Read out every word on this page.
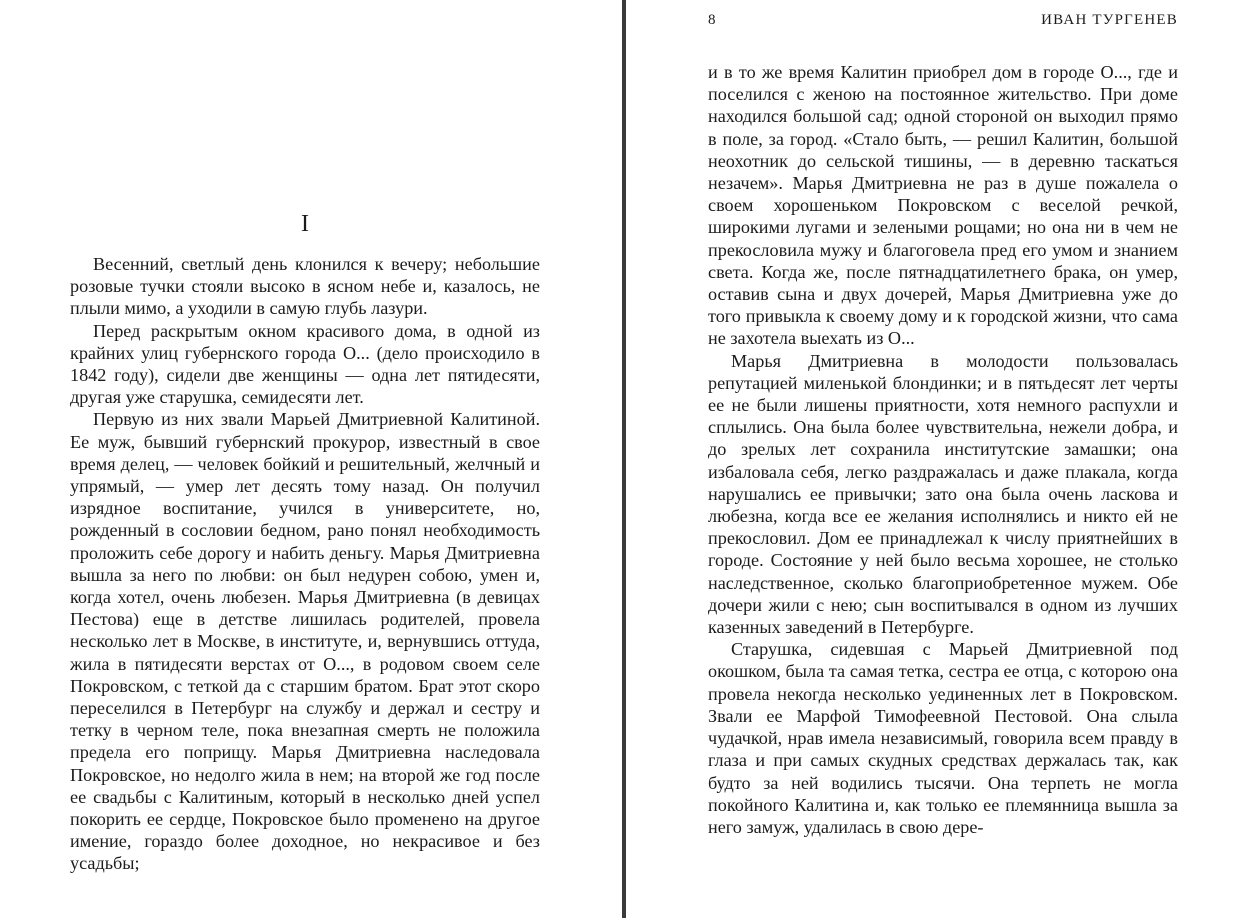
I

Весенний, светлый день клонился к вечеру; небольшие розовые тучки стояли высоко в ясном небе и, казалось, не плыли мимо, а уходили в самую глубь лазури.

Перед раскрытым окном красивого дома, в одной из крайних улиц губернского города О... (дело происходило в 1842 году), сидели две женщины — одна лет пятидесяти, другая уже старушка, семидесяти лет.

Первую из них звали Марьей Дмитриевной Калитиной. Ее муж, бывший губернский прокурор, известный в свое время делец, — человек бойкий и решительный, желчный и упрямый, — умер лет десять тому назад. Он получил изрядное воспитание, учился в университете, но, рожденный в сословии бедном, рано понял необходимость проложить себе дорогу и набить деньгу. Марья Дмитриевна вышла за него по любви: он был недурен собою, умен и, когда хотел, очень любезен. Марья Дмитриевна (в девицах Пестова) еще в детстве лишилась родителей, провела несколько лет в Москве, в институте, и, вернувшись оттуда, жила в пятидесяти верстах от О..., в родовом своем селе Покровском, с теткой да с старшим братом. Брат этот скоро переселился в Петербург на службу и держал и сестру и тетку в черном теле, пока внезапная смерть не положила предела его поприщу. Марья Дмитриевна наследовала Покровское, но недолго жила в нем; на второй же год после ее свадьбы с Калитиным, который в несколько дней успел покорить ее сердце, Покровское было променено на другое имение, гораздо более доходное, но некрасивое и без усадьбы;

8	ИВАН ТУРГЕНЕВ

и в то же время Калитин приобрел дом в городе О..., где и поселился с женою на постоянное жительство. При доме находился большой сад; одной стороной он выходил прямо в поле, за город. «Стало быть, — решил Калитин, большой неохотник до сельской тишины, — в деревню таскаться незачем». Марья Дмитриевна не раз в душе пожалела о своем хорошеньком Покровском с веселой речкой, широкими лугами и зелеными рощами; но она ни в чем не прекословила мужу и благоговела пред его умом и знанием света. Когда же, после пятнадцатилетнего брака, он умер, оставив сына и двух дочерей, Марья Дмитриевна уже до того привыкла к своему дому и к городской жизни, что сама не захотела выехать из О...

Марья Дмитриевна в молодости пользовалась репутацией миленькой блондинки; и в пятьдесят лет черты ее не были лишены приятности, хотя немного распухли и сплылись. Она была более чувствительна, нежели добра, и до зрелых лет сохранила институтские замашки; она избаловала себя, легко раздражалась и даже плакала, когда нарушались ее привычки; зато она была очень ласкова и любезна, когда все ее желания исполнялись и никто ей не прекословил. Дом ее принадлежал к числу приятнейших в городе. Состояние у ней было весьма хорошее, не столько наследственное, сколько благоприобретенное мужем. Обе дочери жили с нею; сын воспитывался в одном из лучших казенных заведений в Петербурге.

Старушка, сидевшая с Марьей Дмитриевной под окошком, была та самая тетка, сестра ее отца, с которою она провела некогда несколько уединенных лет в Покровском. Звали ее Марфой Тимофеевной Пестовой. Она слыла чудачкой, нрав имела независимый, говорила всем правду в глаза и при самых скудных средствах держалась так, как будто за ней водились тысячи. Она терпеть не могла покойного Калитина и, как только ее племянница вышла за него замуж, удалилась в свою дере-
